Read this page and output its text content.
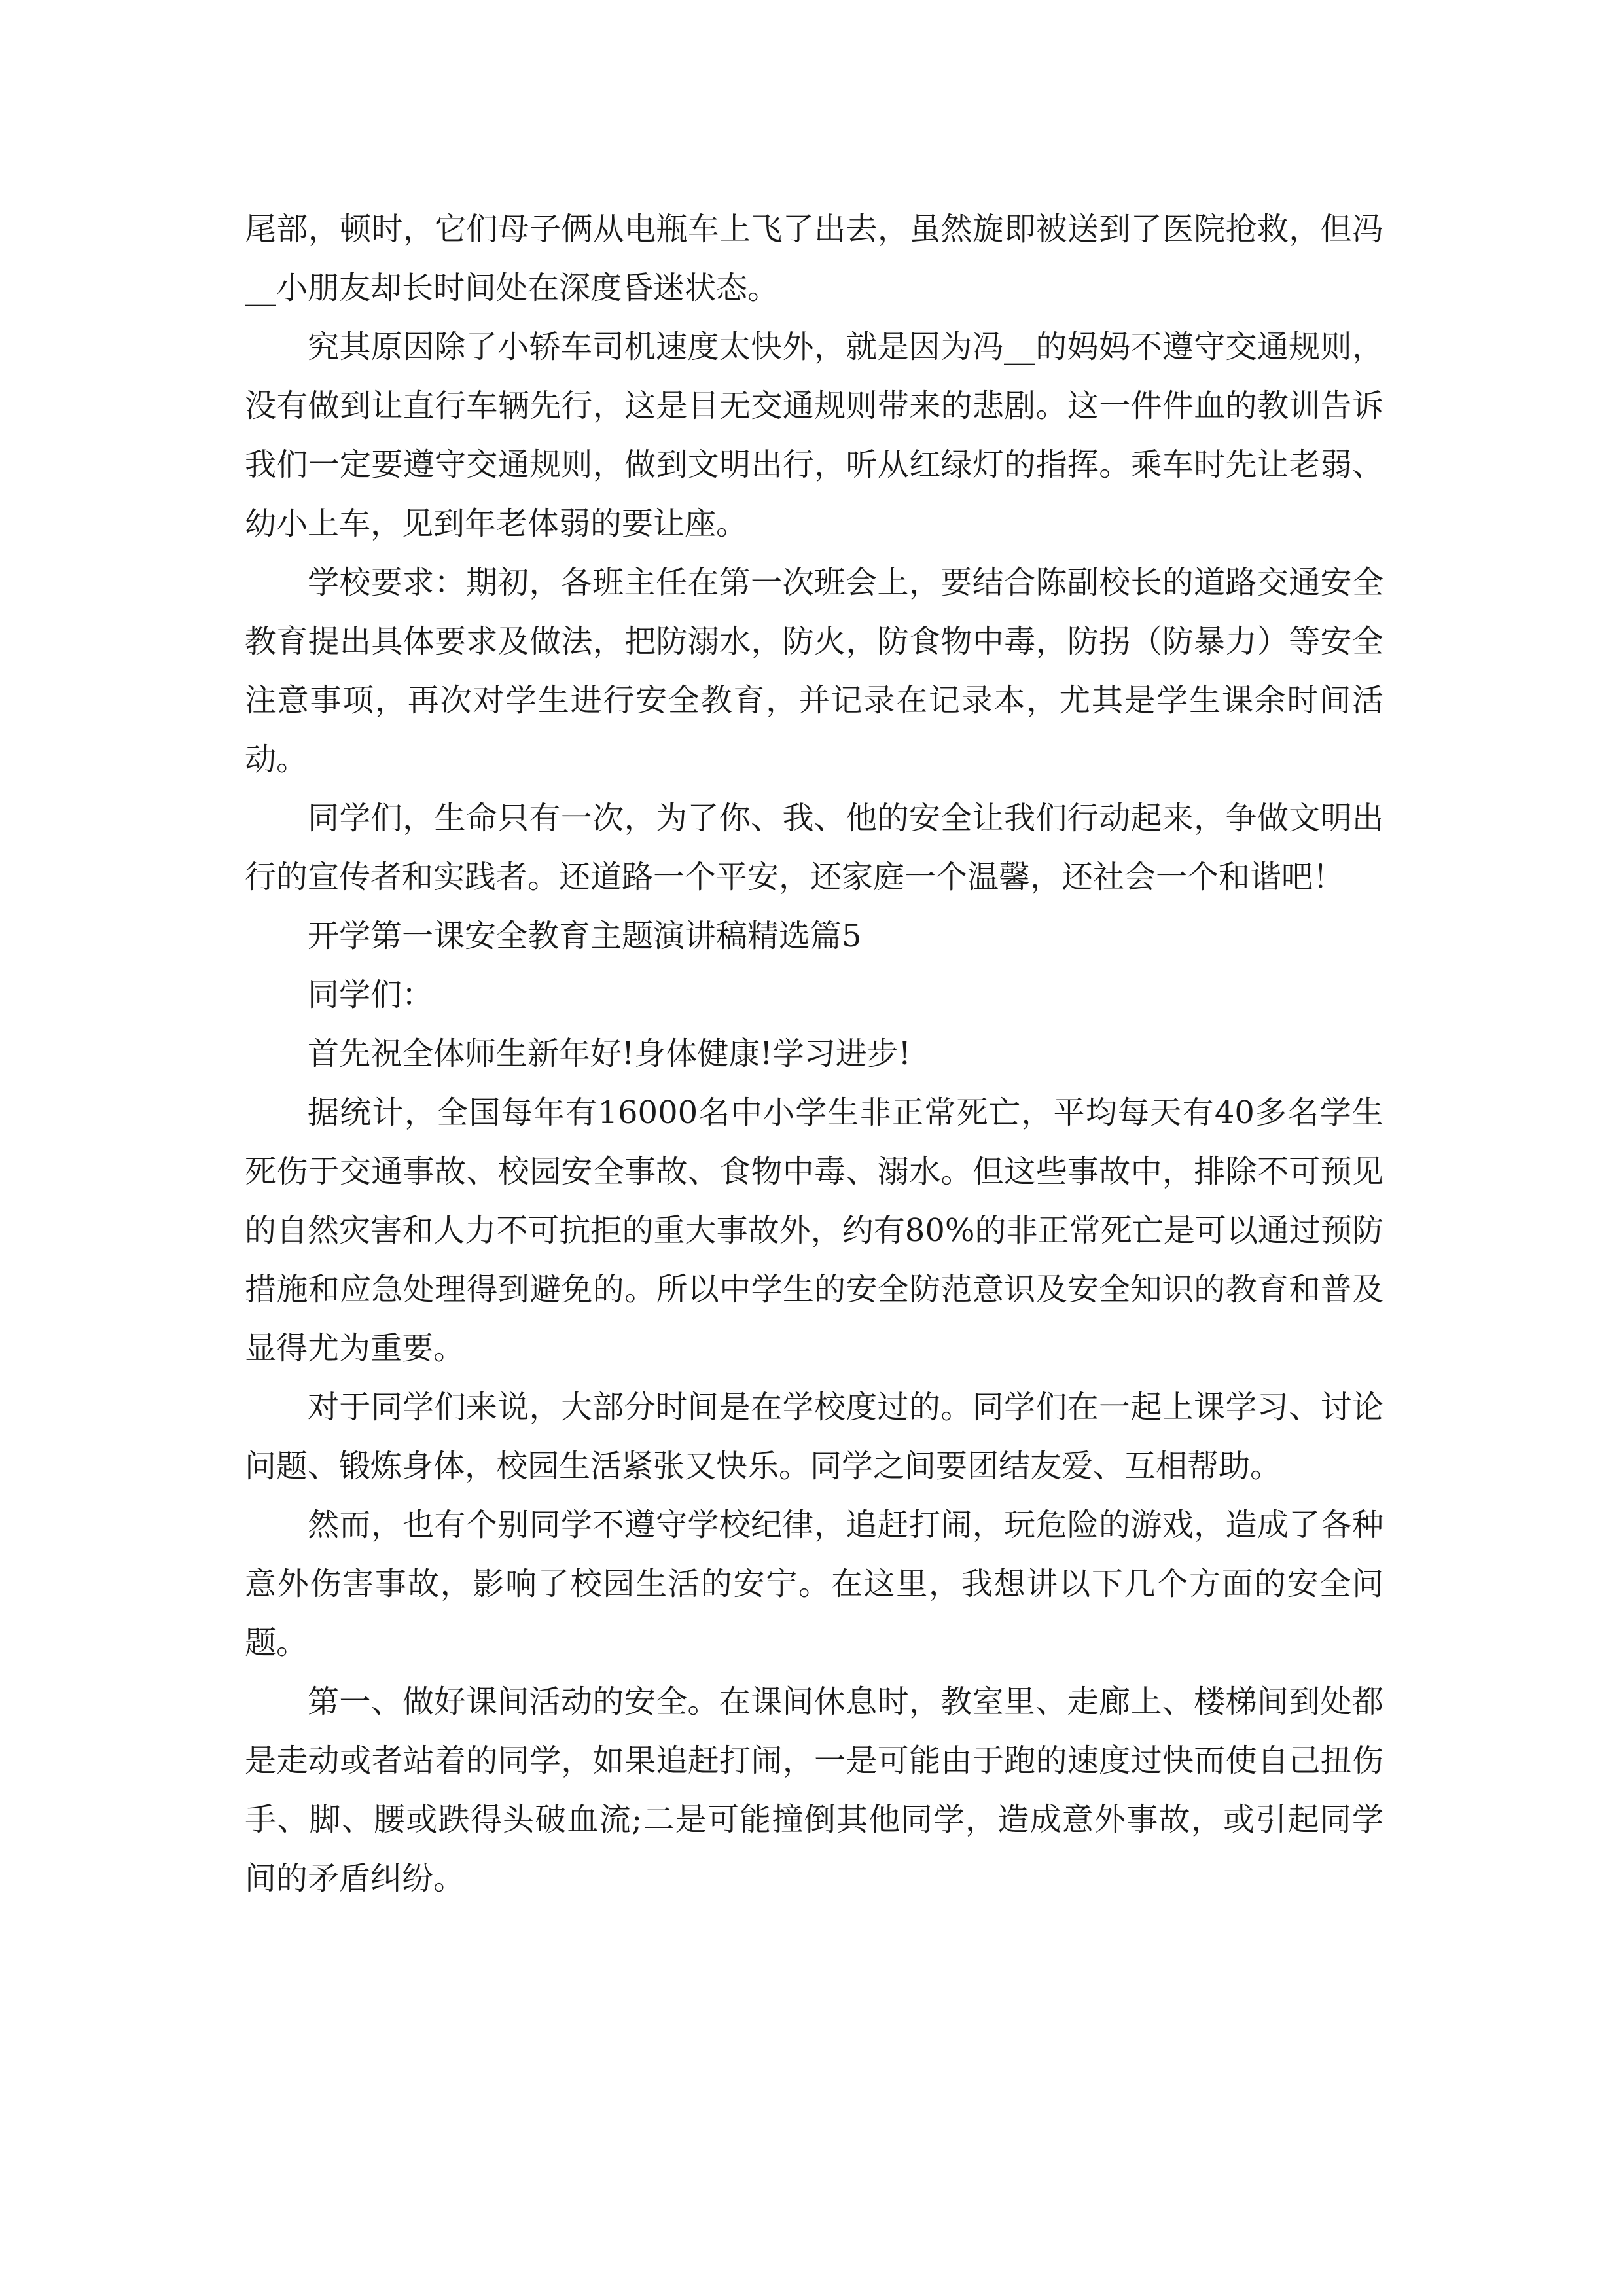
尾部，顿时，它们母子俩从电瓶车上飞了出去，虽然旋即被送到了医院抢救，但冯__小朋友却长时间处在深度昏迷状态。

究其原因除了小轿车司机速度太快外，就是因为冯__的妈妈不遵守交通规则，没有做到让直行车辆先行，这是目无交通规则带来的悲剧。这一件件血的教训告诉我们一定要遵守交通规则，做到文明出行，听从红绿灯的指挥。乘车时先让老弱、幼小上车，见到年老体弱的要让座。

学校要求：期初，各班主任在第一次班会上，要结合陈副校长的道路交通安全教育提出具体要求及做法，把防溺水，防火，防食物中毒，防拐（防暴力）等安全注意事项，再次对学生进行安全教育，并记录在记录本，尤其是学生课余时间活动。

同学们，生命只有一次，为了你、我、他的安全让我们行动起来，争做文明出行的宣传者和实践者。还道路一个平安，还家庭一个温馨，还社会一个和谐吧！

开学第一课安全教育主题演讲稿精选篇5

同学们：

首先祝全体师生新年好!身体健康!学习进步!

据统计，全国每年有16000名中小学生非正常死亡，平均每天有40多名学生死伤于交通事故、校园安全事故、食物中毒、溺水。但这些事故中，排除不可预见的自然灾害和人力不可抗拒的重大事故外，约有80%的非正常死亡是可以通过预防措施和应急处理得到避免的。所以中学生的安全防范意识及安全知识的教育和普及显得尤为重要。

对于同学们来说，大部分时间是在学校度过的。同学们在一起上课学习、讨论问题、锻炼身体，校园生活紧张又快乐。同学之间要团结友爱、互相帮助。

然而，也有个别同学不遵守学校纪律，追赶打闹，玩危险的游戏，造成了各种意外伤害事故，影响了校园生活的安宁。在这里，我想讲以下几个方面的安全问题。

第一、做好课间活动的安全。在课间休息时，教室里、走廊上、楼梯间到处都是走动或者站着的同学，如果追赶打闹，一是可能由于跑的速度过快而使自己扭伤手、脚、腰或跌得头破血流;二是可能撞倒其他同学，造成意外事故，或引起同学间的矛盾纠纷。
